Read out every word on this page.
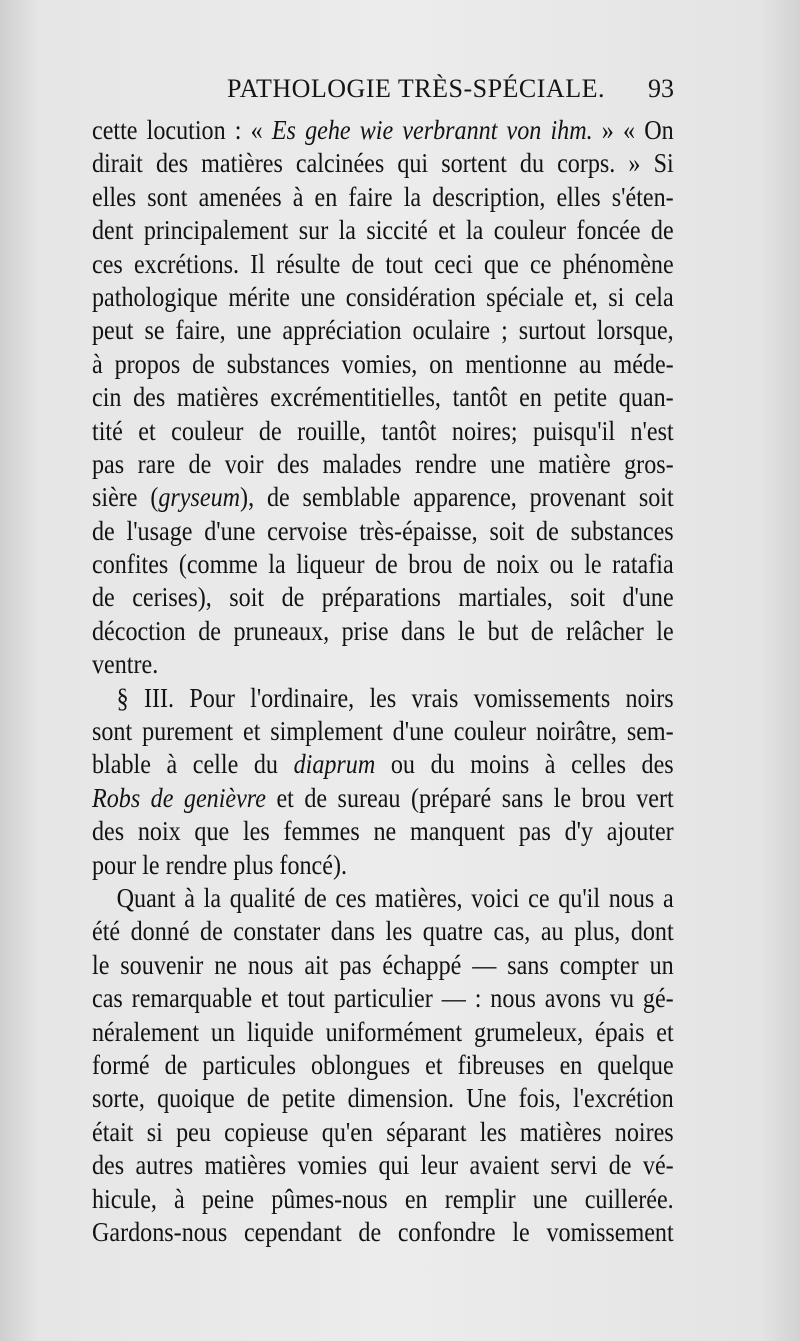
PATHOLOGIE TRÈS-SPÉCIALE. 93
cette locution : « Es gehe wie verbrannt von ihm. » « On
dirait des matières calcinées qui sortent du corps. » Si
elles sont amenées à en faire la description, elles s'éten-
dent principalement sur la siccité et la couleur foncée de
ces excrétions. Il résulte de tout ceci que ce phénomène
pathologique mérite une considération spéciale et, si cela
peut se faire, une appréciation oculaire ; surtout lorsque,
à propos de substances vomies, on mentionne au méde-
cin des matières excrémentitielles, tantôt en petite quan-
tité et couleur de rouille, tantôt noires; puisqu'il n'est
pas rare de voir des malades rendre une matière gros-
sière (gryseum), de semblable apparence, provenant soit
de l'usage d'une cervoise très-épaisse, soit de substances
confites (comme la liqueur de brou de noix ou le ratafia
de cerises), soit de préparations martiales, soit d'une
décoction de pruneaux, prise dans le but de relâcher le
ventre.
§ III. Pour l'ordinaire, les vrais vomissements noirs
sont purement et simplement d'une couleur noirâtre, sem-
blable à celle du diaprum ou du moins à celles des
Robs de genièvre et de sureau (préparé sans le brou vert
des noix que les femmes ne manquent pas d'y ajouter
pour le rendre plus foncé).
Quant à la qualité de ces matières, voici ce qu'il nous a
été donné de constater dans les quatre cas, au plus, dont
le souvenir ne nous ait pas échappé — sans compter un
cas remarquable et tout particulier — : nous avons vu gé-
néralement un liquide uniformément grumeleux, épais et
formé de particules oblongues et fibreuses en quelque
sorte, quoique de petite dimension. Une fois, l'excrétion
était si peu copieuse qu'en séparant les matières noires
des autres matières vomies qui leur avaient servi de vé-
hicule, à peine pûmes-nous en remplir une cuillerée.
Gardons-nous cependant de confondre le vomissement
